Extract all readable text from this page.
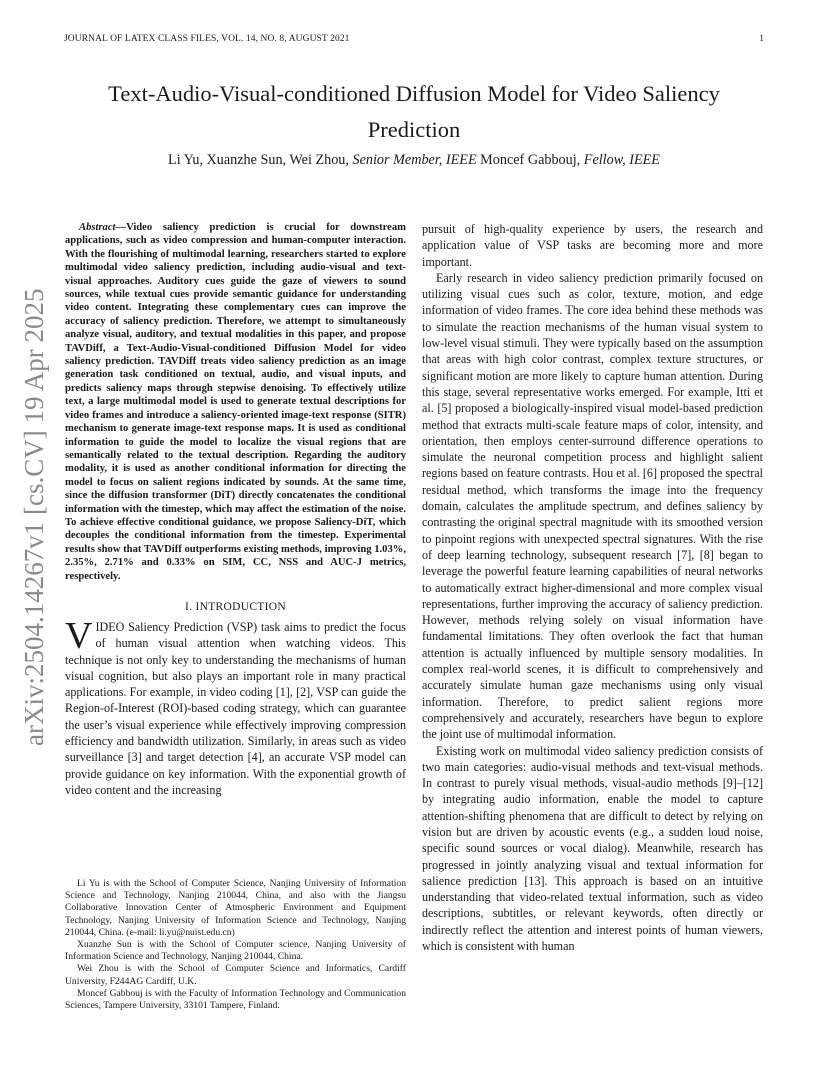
JOURNAL OF LATEX CLASS FILES, VOL. 14, NO. 8, AUGUST 2021	1
arXiv:2504.14267v1 [cs.CV] 19 Apr 2025
Text-Audio-Visual-conditioned Diffusion Model for Video Saliency Prediction
Li Yu, Xuanzhe Sun, Wei Zhou, Senior Member, IEEE Moncef Gabbouj, Fellow, IEEE

Abstract—Video saliency prediction is crucial for downstream applications, such as video compression and human-computer interaction. With the flourishing of multimodal learning, researchers started to explore multimodal video saliency prediction, including audio-visual and text-visual approaches. Auditory cues guide the gaze of viewers to sound sources, while textual cues provide semantic guidance for understanding video content. Integrating these complementary cues can improve the accuracy of saliency prediction. Therefore, we attempt to simultaneously analyze visual, auditory, and textual modalities in this paper, and propose TAVDiff, a Text-Audio-Visual-conditioned Diffusion Model for video saliency prediction. TAVDiff treats video saliency prediction as an image generation task conditioned on textual, audio, and visual inputs, and predicts saliency maps through stepwise denoising. To effectively utilize text, a large multimodal model is used to generate textual descriptions for video frames and introduce a saliency-oriented image-text response (SITR) mechanism to generate image-text response maps. It is used as conditional information to guide the model to localize the visual regions that are semantically related to the textual description. Regarding the auditory modality, it is used as another conditional information for directing the model to focus on salient regions indicated by sounds. At the same time, since the diffusion transformer (DiT) directly concatenates the conditional information with the timestep, which may affect the estimation of the noise. To achieve effective conditional guidance, we propose Saliency-DiT, which decouples the conditional information from the timestep. Experimental results show that TAVDiff outperforms existing methods, improving 1.03%, 2.35%, 2.71% and 0.33% on SIM, CC, NSS and AUC-J metrics, respectively.

I. INTRODUCTION

VIDEO Saliency Prediction (VSP) task aims to predict the focus of human visual attention when watching videos. This technique is not only key to understanding the mechanisms of human visual cognition, but also plays an important role in many practical applications. For example, in video coding [1], [2], VSP can guide the Region-of-Interest (ROI)-based coding strategy, which can guarantee the user’s visual experience while effectively improving compression efficiency and bandwidth utilization. Similarly, in areas such as video surveillance [3] and target detection [4], an accurate VSP model can provide guidance on key information. With the exponential growth of video content and the increasing

Li Yu is with the School of Computer Science, Nanjing University of Information Science and Technology, Nanjing 210044, China, and also with the Jiangsu Collaborative Innovation Center of Atmospheric Environment and Equipment Technology, Nanjing University of Information Science and Technology, Nanjing 210044, China. (e-mail: li.yu@nuist.edu.cn)

Xuanzhe Sun is with the School of Computer science, Nanjing University of Information Science and Technology, Nanjing 210044, China.

Wei Zhou is with the School of Computer Science and Informatics, Cardiff University, F244AG Cardiff, U.K.

Moncef Gabbouj is with the Faculty of Information Technology and Communication Sciences, Tampere University, 33101 Tampere, Finland.

pursuit of high-quality experience by users, the research and application value of VSP tasks are becoming more and more important.

Early research in video saliency prediction primarily focused on utilizing visual cues such as color, texture, motion, and edge information of video frames. The core idea behind these methods was to simulate the reaction mechanisms of the human visual system to low-level visual stimuli. They were typically based on the assumption that areas with high color contrast, complex texture structures, or significant motion are more likely to capture human attention. During this stage, several representative works emerged. For example, Itti et al. [5] proposed a biologically-inspired visual model-based prediction method that extracts multi-scale feature maps of color, intensity, and orientation, then employs center-surround difference operations to simulate the neuronal competition process and highlight salient regions based on feature contrasts. Hou et al. [6] proposed the spectral residual method, which transforms the image into the frequency domain, calculates the amplitude spectrum, and defines saliency by contrasting the original spectral magnitude with its smoothed version to pinpoint regions with unexpected spectral signatures. With the rise of deep learning technology, subsequent research [7], [8] began to leverage the powerful feature learning capabilities of neural networks to automatically extract higher-dimensional and more complex visual representations, further improving the accuracy of saliency prediction. However, methods relying solely on visual information have fundamental limitations. They often overlook the fact that human attention is actually influenced by multiple sensory modalities. In complex real-world scenes, it is difficult to comprehensively and accurately simulate human gaze mechanisms using only visual information. Therefore, to predict salient regions more comprehensively and accurately, researchers have begun to explore the joint use of multimodal information.

Existing work on multimodal video saliency prediction consists of two main categories: audio-visual methods and text-visual methods. In contrast to purely visual methods, visual-audio methods [9]–[12] by integrating audio information, enable the model to capture attention-shifting phenomena that are difficult to detect by relying on vision but are driven by acoustic events (e.g., a sudden loud noise, specific sound sources or vocal dialog). Meanwhile, research has progressed in jointly analyzing visual and textual information for salience prediction [13]. This approach is based on an intuitive understanding that video-related textual information, such as video descriptions, subtitles, or relevant keywords, often directly or indirectly reflect the attention and interest points of human viewers, which is consistent with human
